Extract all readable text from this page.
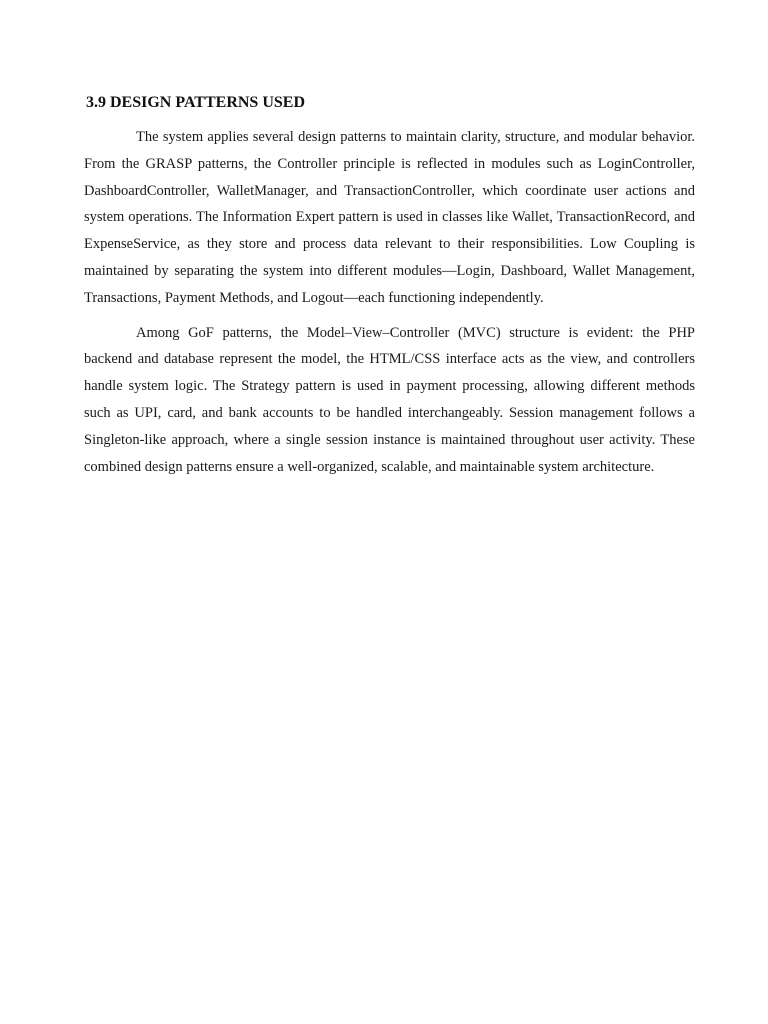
3.9 DESIGN PATTERNS USED

The system applies several design patterns to maintain clarity, structure, and modular behavior. From the GRASP patterns, the Controller principle is reflected in modules such as LoginController, DashboardController, WalletManager, and TransactionController, which coordinate user actions and system operations. The Information Expert pattern is used in classes like Wallet, TransactionRecord, and ExpenseService, as they store and process data relevant to their responsibilities. Low Coupling is maintained by separating the system into different modules—Login, Dashboard, Wallet Management, Transactions, Payment Methods, and Logout—each functioning independently.

Among GoF patterns, the Model–View–Controller (MVC) structure is evident: the PHP backend and database represent the model, the HTML/CSS interface acts as the view, and controllers handle system logic. The Strategy pattern is used in payment processing, allowing different methods such as UPI, card, and bank accounts to be handled interchangeably. Session management follows a Singleton-like approach, where a single session instance is maintained throughout user activity. These combined design patterns ensure a well-organized, scalable, and maintainable system architecture.
